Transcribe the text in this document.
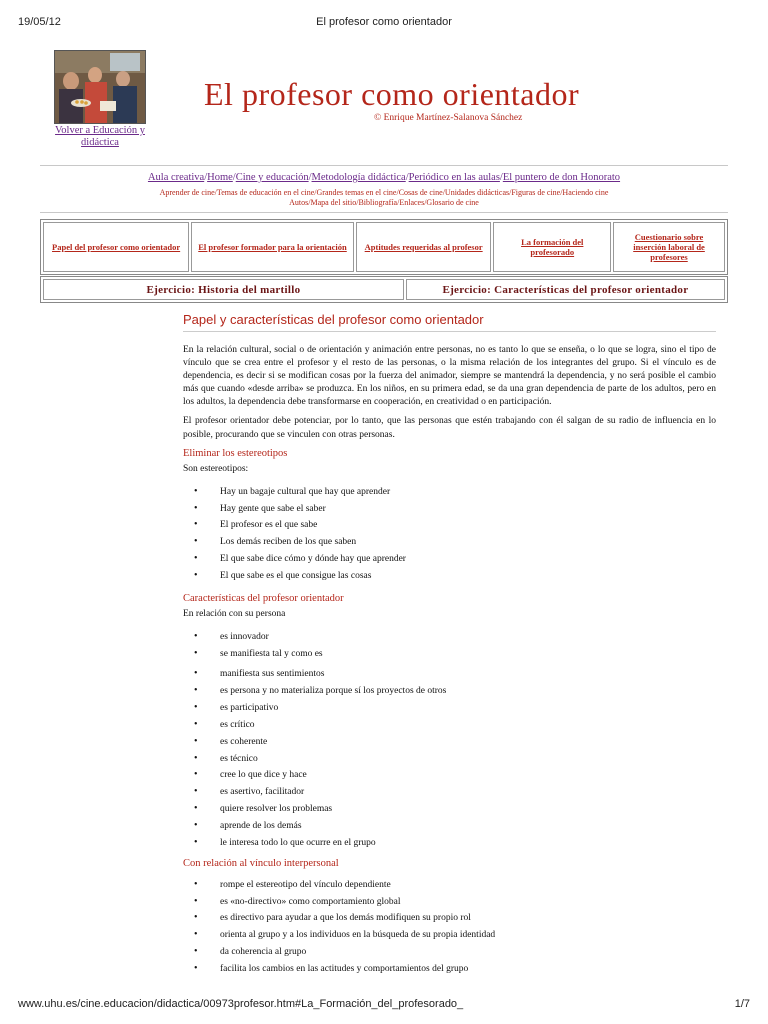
19/05/12	El profesor como orientador
Volver a Educación y didáctica
El profesor como orientador
© Enrique Martínez-Salanova Sánchez
Aula creativa/Home/Cine y educación/Metodología didáctica/Periódico en las aulas/El puntero de don Honorato
Aprender de cine/Temas de educación en el cine/Grandes temas en el cine/Cosas de cine/Unidades didácticas/Figuras de cine/Haciendo cine
Autos/Mapa del sitio/Bibliografía/Enlaces/Glosario de cine
Papel del profesor como orientador	El profesor formador para la orientación	Aptitudes requeridas al profesor	La formación del profesorado	Cuestionario sobre inserción laboral de profesores
Ejercicio: Historia del martillo	Ejercicio: Características del profesor orientador
Papel y características del profesor como orientador

En la relación cultural, social o de orientación y animación entre personas, no es tanto lo que se enseña, o lo que se logra, sino el tipo de vínculo que se crea entre el profesor y el resto de las personas, o la misma relación de los integrantes del grupo. Si el vínculo es de dependencia, es decir si se modifican cosas por la fuerza del animador, siempre se mantendrá la dependencia, y no será posible el cambio más que cuando «desde arriba» se produzca. En los niños, en su primera edad, se da una gran dependencia de parte de los adultos, pero en los adultos, la dependencia debe transformarse en cooperación, en creatividad o en participación.

El profesor orientador debe potenciar, por lo tanto, que las personas que estén trabajando con él salgan de su radio de influencia en lo posible, procurando que se vinculen con otras personas.

Eliminar los estereotipos
Son estereotipos:
• Hay un bagaje cultural que hay que aprender
• Hay gente que sabe el saber
• El profesor es el que sabe
• Los demás reciben de los que saben
• El que sabe dice cómo y dónde hay que aprender
• El que sabe es el que consigue las cosas
Características del profesor orientador
En relación con su persona
• es innovador
• se manifiesta tal y como es
• manifiesta sus sentimientos
• es persona y no materializa porque sí los proyectos de otros
• es participativo
• es crítico
• es coherente
• es técnico
• cree lo que dice y hace
• es asertivo, facilitador
• quiere resolver los problemas
• aprende de los demás
• le interesa todo lo que ocurre en el grupo
Con relación al vínculo interpersonal
• rompe el estereotipo del vínculo dependiente
• es «no-directivo» como comportamiento global
• es directivo para ayudar a que los demás modifiquen su propio rol
• orienta al grupo y a los individuos en la búsqueda de su propia identidad
• da coherencia al grupo
• facilita los cambios en las actitudes y comportamientos del grupo
www.uhu.es/cine.educacion/didactica/00973profesor.htm#La_Formación_del_profesorado_	1/7
